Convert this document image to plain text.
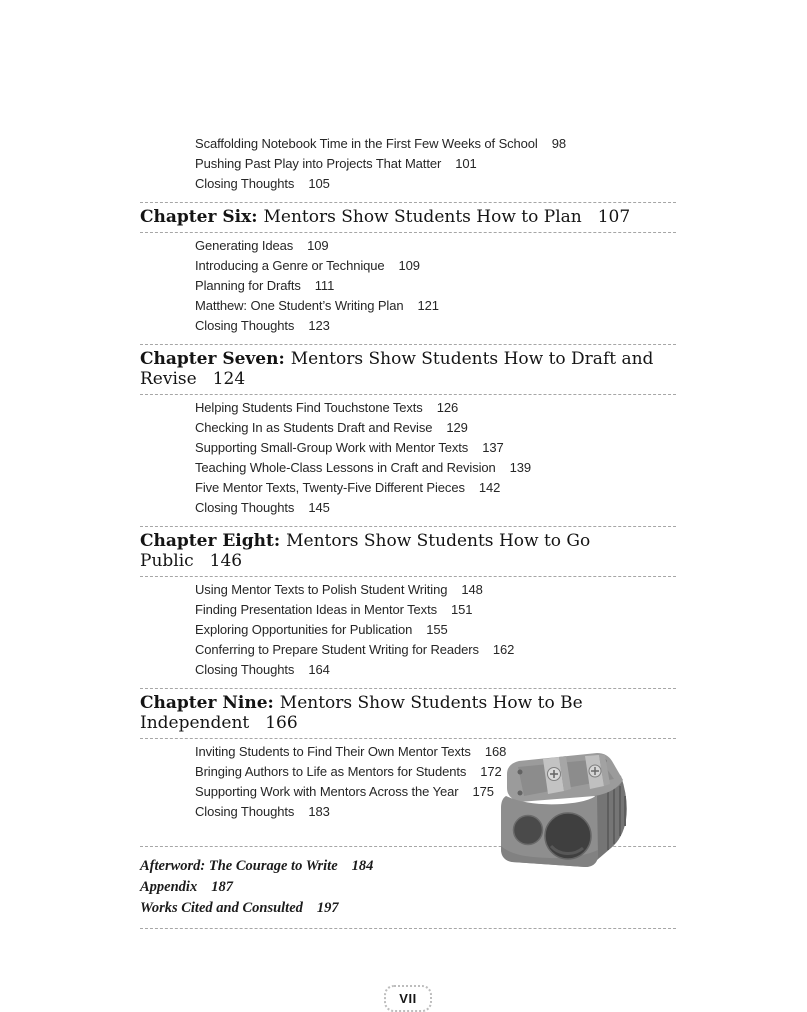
Scaffolding Notebook Time in the First Few Weeks of School 98
Pushing Past Play into Projects That Matter 101
Closing Thoughts 105
Chapter Six: Mentors Show Students How to Plan 107
Generating Ideas 109
Introducing a Genre or Technique 109
Planning for Drafts 111
Matthew: One Student’s Writing Plan 121
Closing Thoughts 123
Chapter Seven: Mentors Show Students How to Draft and Revise 124
Helping Students Find Touchstone Texts 126
Checking In as Students Draft and Revise 129
Supporting Small-Group Work with Mentor Texts 137
Teaching Whole-Class Lessons in Craft and Revision 139
Five Mentor Texts, Twenty-Five Different Pieces 142
Closing Thoughts 145
Chapter Eight: Mentors Show Students How to Go Public 146
Using Mentor Texts to Polish Student Writing 148
Finding Presentation Ideas in Mentor Texts 151
Exploring Opportunities for Publication 155
Conferring to Prepare Student Writing for Readers 162
Closing Thoughts 164
Chapter Nine: Mentors Show Students How to Be Independent 166
Inviting Students to Find Their Own Mentor Texts 168
Bringing Authors to Life as Mentors for Students 172
Supporting Work with Mentors Across the Year 175
Closing Thoughts 183
Afterword: The Courage to Write 184
Appendix 187
Works Cited and Consulted 197
VII
